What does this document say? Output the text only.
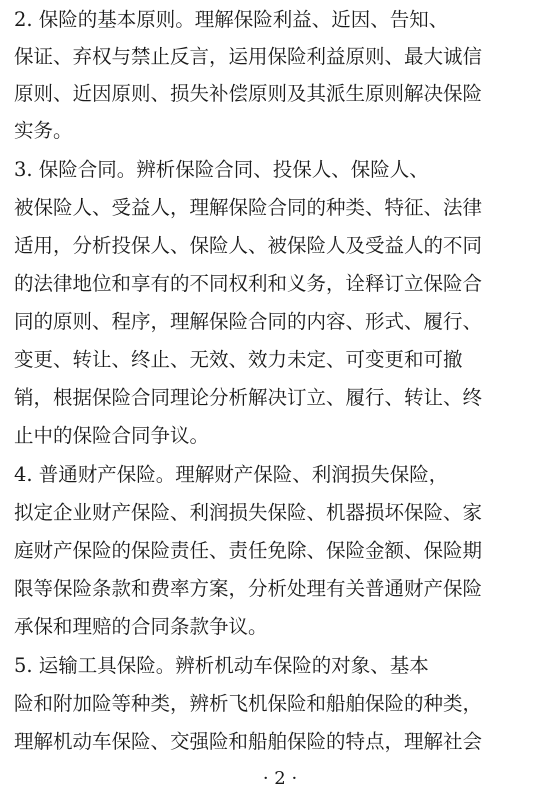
2. 保险的基本原则。理解保险利益、近因、告知、
保证、弃权与禁止反言，运用保险利益原则、最大诚信
原则、近因原则、损失补偿原则及其派生原则解决保险
实务。
3. 保险合同。辨析保险合同、投保人、保险人、
被保险人、受益人，理解保险合同的种类、特征、法律
适用，分析投保人、保险人、被保险人及受益人的不同
的法律地位和享有的不同权利和义务，诠释订立保险合
同的原则、程序，理解保险合同的内容、形式、履行、
变更、转让、终止、无效、效力未定、可变更和可撤
销，根据保险合同理论分析解决订立、履行、转让、终
止中的保险合同争议。
4. 普通财产保险。理解财产保险、利润损失保险，
拟定企业财产保险、利润损失保险、机器损坏保险、家
庭财产保险的保险责任、责任免除、保险金额、保险期
限等保险条款和费率方案，分析处理有关普通财产保险
承保和理赔的合同条款争议。
5. 运输工具保险。辨析机动车保险的对象、基本
险和附加险等种类，辨析飞机保险和船舶保险的种类，
理解机动车保险、交强险和船舶保险的特点，理解社会
· 2 ·
